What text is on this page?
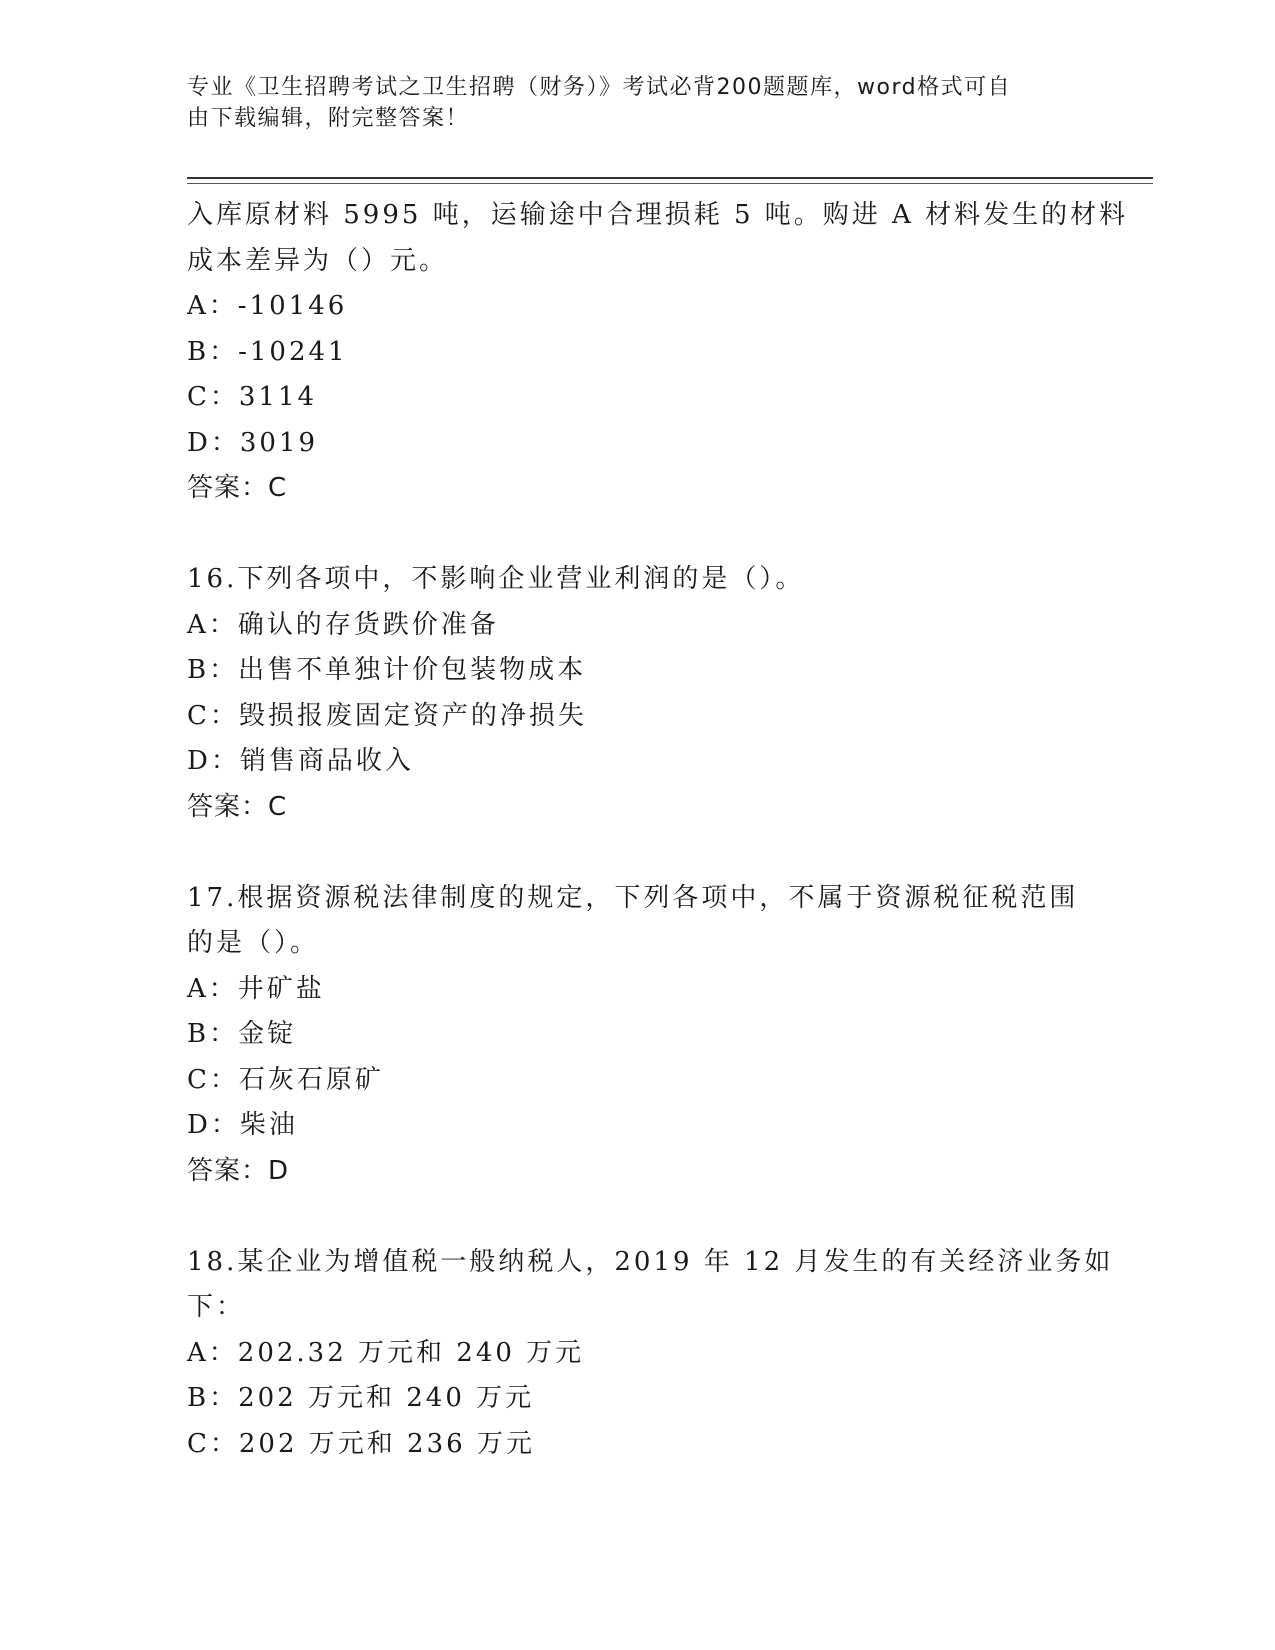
专业《卫生招聘考试之卫生招聘（财务）》考试必背200题题库，word格式可自
由下载编辑，附完整答案！
入库原材料 5995 吨，运输途中合理损耗 5 吨。购进 A 材料发生的材料
成本差异为（）元。
A：-10146
B：-10241
C：3114
D：3019
答案：C
16.下列各项中，不影响企业营业利润的是（）。
A：确认的存货跌价准备
B：出售不单独计价包装物成本
C：毁损报废固定资产的净损失
D：销售商品收入
答案：C
17.根据资源税法律制度的规定，下列各项中，不属于资源税征税范围
的是（）。
A：井矿盐
B：金锭
C：石灰石原矿
D：柴油
答案：D
18.某企业为增值税一般纳税人，2019 年 12 月发生的有关经济业务如
下：
A：202.32 万元和 240 万元
B：202 万元和 240 万元
C：202 万元和 236 万元
